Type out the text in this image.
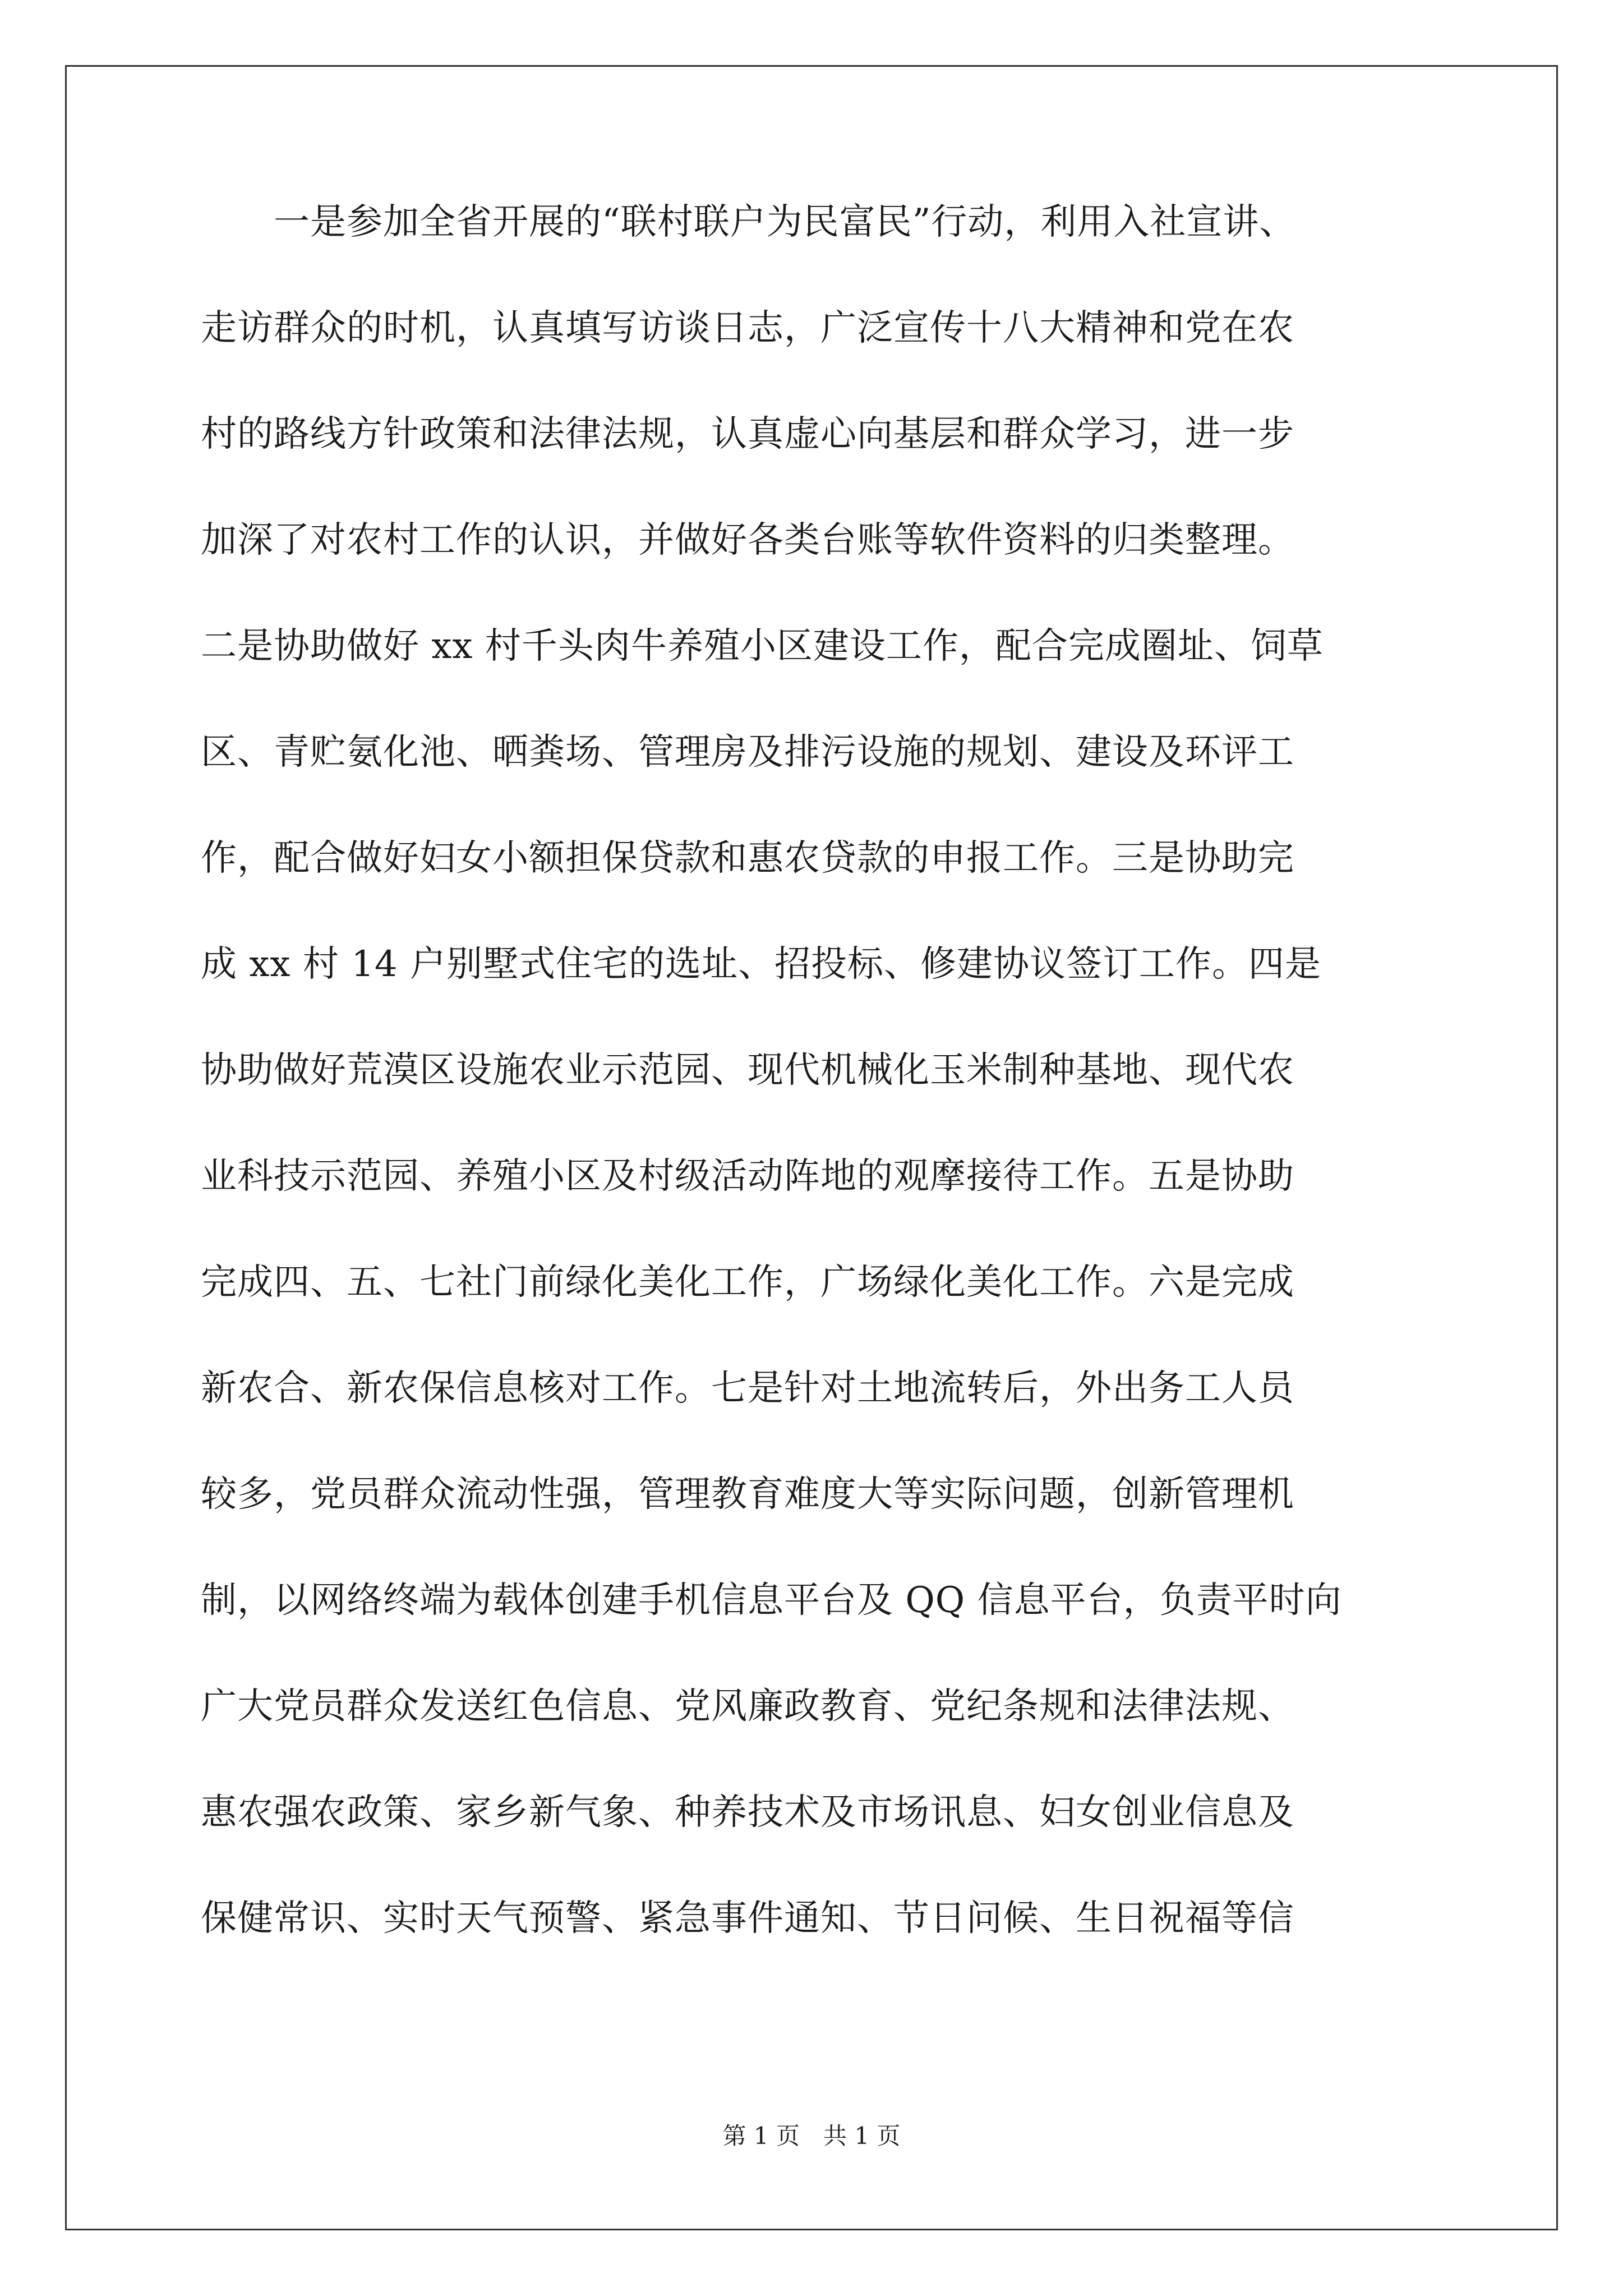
　　一是参加全省开展的“联村联户为民富民”行动，利用入社宣讲、
走访群众的时机，认真填写访谈日志，广泛宣传十八大精神和党在农
村的路线方针政策和法律法规，认真虚心向基层和群众学习，进一步
加深了对农村工作的认识，并做好各类台账等软件资料的归类整理。
二是协助做好 xx 村千头肉牛养殖小区建设工作，配合完成圈址、饲草
区、青贮氨化池、晒粪场、管理房及排污设施的规划、建设及环评工
作，配合做好妇女小额担保贷款和惠农贷款的申报工作。三是协助完
成 xx 村 14 户别墅式住宅的选址、招投标、修建协议签订工作。四是
协助做好荒漠区设施农业示范园、现代机械化玉米制种基地、现代农
业科技示范园、养殖小区及村级活动阵地的观摩接待工作。五是协助
完成四、五、七社门前绿化美化工作，广场绿化美化工作。六是完成
新农合、新农保信息核对工作。七是针对土地流转后，外出务工人员
较多，党员群众流动性强，管理教育难度大等实际问题，创新管理机
制，以网络终端为载体创建手机信息平台及 QQ 信息平台，负责平时向
广大党员群众发送红色信息、党风廉政教育、党纪条规和法律法规、
惠农强农政策、家乡新气象、种养技术及市场讯息、妇女创业信息及
保健常识、实时天气预警、紧急事件通知、节日问候、生日祝福等信
第 1 页　共 1 页
